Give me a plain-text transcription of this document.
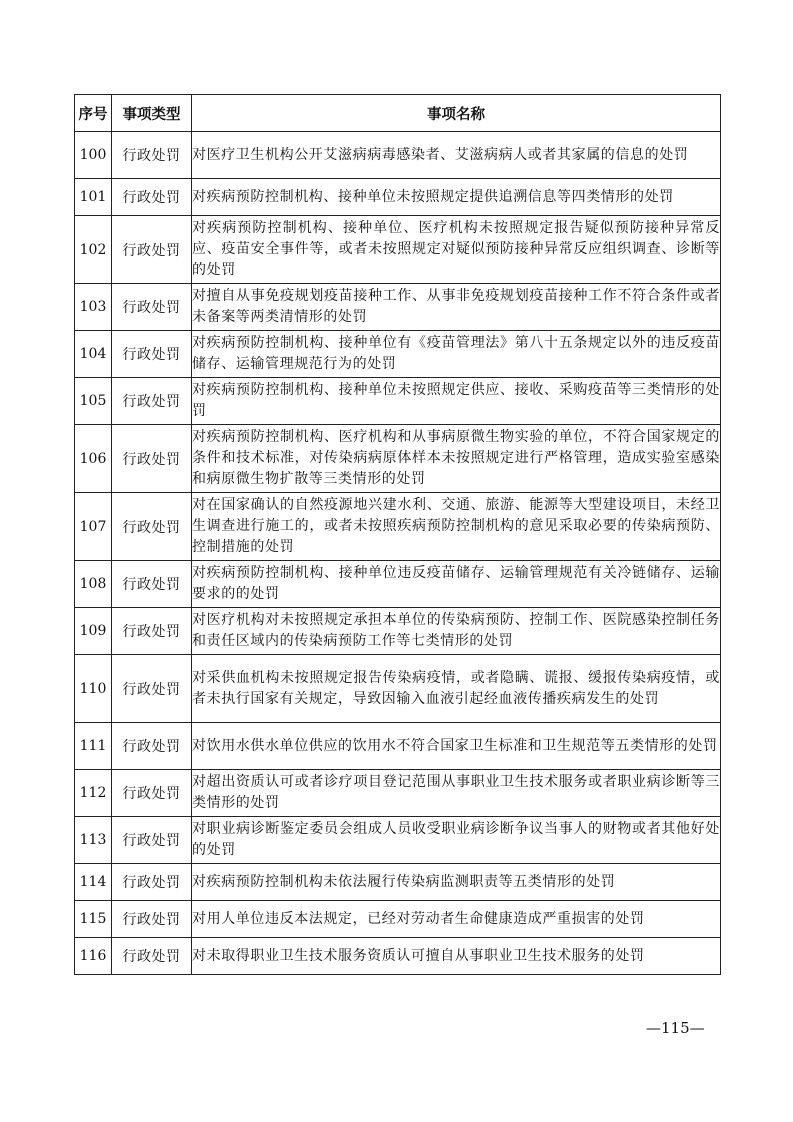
序号	事项类型	事项名称
100	行政处罚	对医疗卫生机构公开艾滋病病毒感染者、艾滋病病人或者其家属的信息的处罚
101	行政处罚	对疾病预防控制机构、接种单位未按照规定提供追溯信息等四类情形的处罚
102	行政处罚	对疾病预防控制机构、接种单位、医疗机构未按照规定报告疑似预防接种异常反应、疫苗安全事件等，或者未按照规定对疑似预防接种异常反应组织调查、诊断等的处罚
103	行政处罚	对擅自从事免疫规划疫苗接种工作、从事非免疫规划疫苗接种工作不符合条件或者未备案等两类清情形的处罚
104	行政处罚	对疾病预防控制机构、接种单位有《疫苗管理法》第八十五条规定以外的违反疫苗储存、运输管理规范行为的处罚
105	行政处罚	对疾病预防控制机构、接种单位未按照规定供应、接收、采购疫苗等三类情形的处罚
106	行政处罚	对疾病预防控制机构、医疗机构和从事病原微生物实验的单位，不符合国家规定的条件和技术标准，对传染病病原体样本未按照规定进行严格管理，造成实验室感染和病原微生物扩散等三类情形的处罚
107	行政处罚	对在国家确认的自然疫源地兴建水利、交通、旅游、能源等大型建设项目，未经卫生调查进行施工的，或者未按照疾病预防控制机构的意见采取必要的传染病预防、控制措施的处罚
108	行政处罚	对疾病预防控制机构、接种单位违反疫苗储存、运输管理规范有关冷链储存、运输要求的的处罚
109	行政处罚	对医疗机构对未按照规定承担本单位的传染病预防、控制工作、医院感染控制任务和责任区域内的传染病预防工作等七类情形的处罚
110	行政处罚	对采供血机构未按照规定报告传染病疫情，或者隐瞒、谎报、缓报传染病疫情，或者未执行国家有关规定，导致因输入血液引起经血液传播疾病发生的处罚
111	行政处罚	对饮用水供水单位供应的饮用水不符合国家卫生标准和卫生规范等五类情形的处罚
112	行政处罚	对超出资质认可或者诊疗项目登记范围从事职业卫生技术服务或者职业病诊断等三类情形的处罚
113	行政处罚	对职业病诊断鉴定委员会组成人员收受职业病诊断争议当事人的财物或者其他好处的处罚
114	行政处罚	对疾病预防控制机构未依法履行传染病监测职责等五类情形的处罚
115	行政处罚	对用人单位违反本法规定，已经对劳动者生命健康造成严重损害的处罚
116	行政处罚	对未取得职业卫生技术服务资质认可擅自从事职业卫生技术服务的处罚
—115—
